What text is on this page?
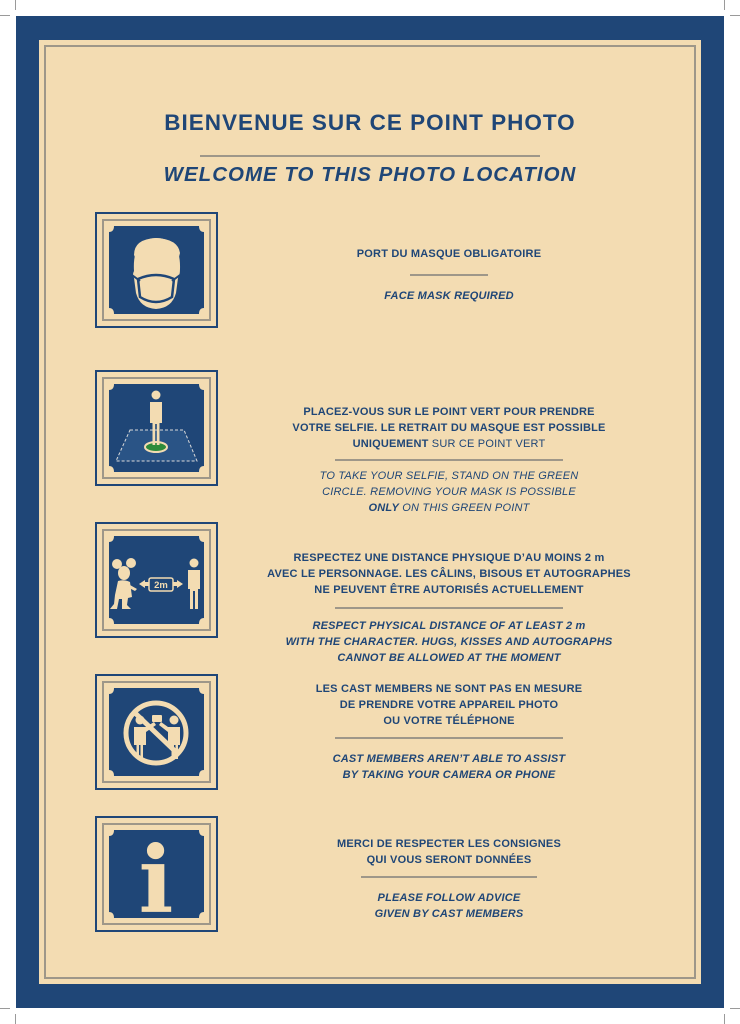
BIENVENUE SUR CE POINT PHOTO
WELCOME TO THIS PHOTO LOCATION
PORT DU MASQUE OBLIGATOIRE
FACE MASK REQUIRED
PLACEZ-VOUS SUR LE POINT VERT POUR PRENDRE
VOTRE SELFIE. LE RETRAIT DU MASQUE EST POSSIBLE
UNIQUEMENT SUR CE POINT VERT
TO TAKE YOUR SELFIE, STAND ON THE GREEN
CIRCLE. REMOVING YOUR MASK IS POSSIBLE
ONLY ON THIS GREEN POINT
2m
RESPECTEZ UNE DISTANCE PHYSIQUE D’AU MOINS 2 m
AVEC LE PERSONNAGE. LES CÂLINS, BISOUS ET AUTOGRAPHES
NE PEUVENT ÊTRE AUTORISÉS ACTUELLEMENT
RESPECT PHYSICAL DISTANCE OF AT LEAST 2 m
WITH THE CHARACTER. HUGS, KISSES AND AUTOGRAPHS
CANNOT BE ALLOWED AT THE MOMENT
LES CAST MEMBERS NE SONT PAS EN MESURE
DE PRENDRE VOTRE APPAREIL PHOTO
OU VOTRE TÉLÉPHONE
CAST MEMBERS AREN’T ABLE TO ASSIST
BY TAKING YOUR CAMERA OR PHONE
i	MERCI DE RESPECTER LES CONSIGNES
QUI VOUS SERONT DONNÉES
PLEASE FOLLOW ADVICE
GIVEN BY CAST MEMBERS
